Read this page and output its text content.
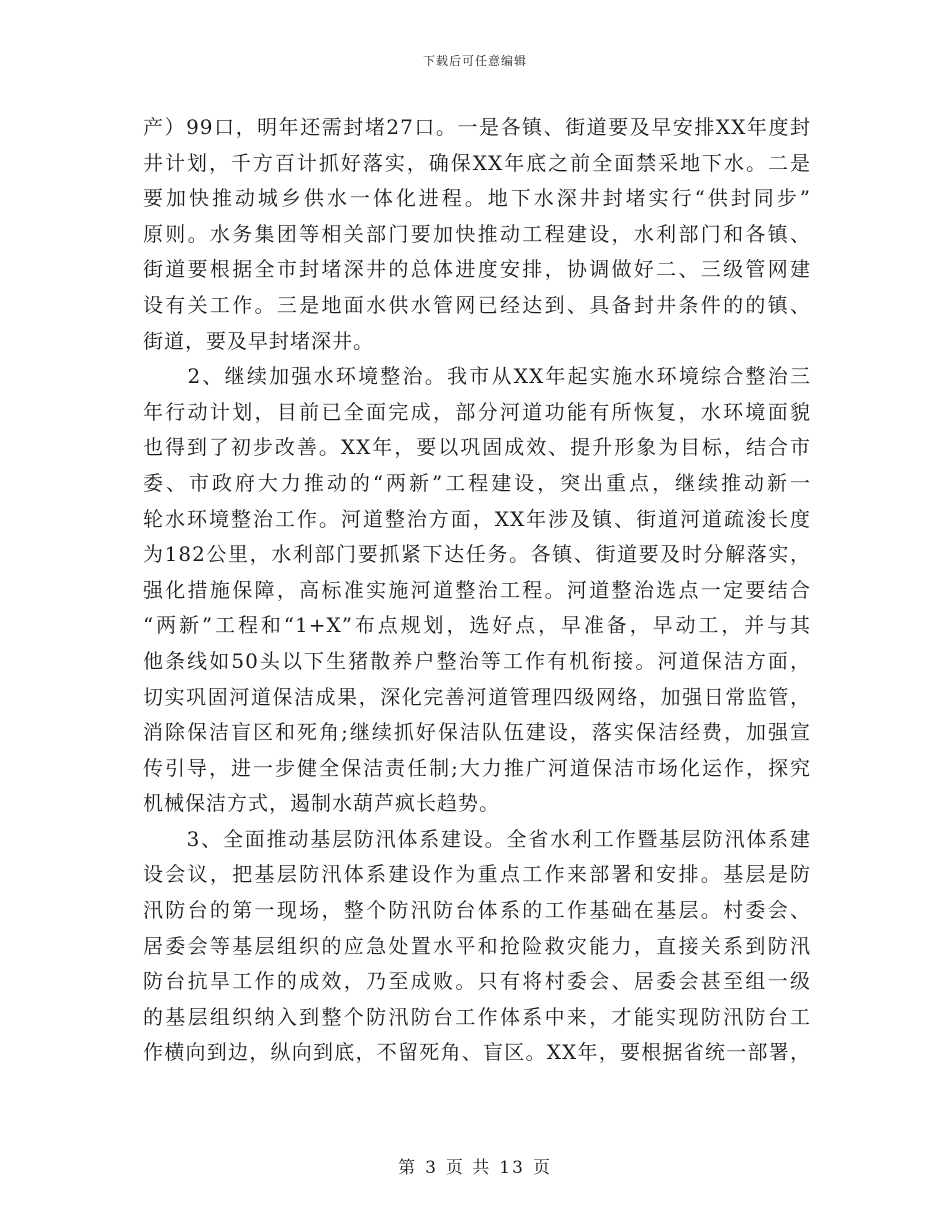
下载后可任意编辑
产）99口，明年还需封堵27口。一是各镇、街道要及早安排XX年度封
井计划，千方百计抓好落实，确保XX年底之前全面禁采地下水。二是
要加快推动城乡供水一体化进程。地下水深井封堵实行“供封同步”
原则。水务集团等相关部门要加快推动工程建设，水利部门和各镇、
街道要根据全市封堵深井的总体进度安排，协调做好二、三级管网建
设有关工作。三是地面水供水管网已经达到、具备封井条件的的镇、
街道，要及早封堵深井。
　　2、继续加强水环境整治。我市从XX年起实施水环境综合整治三
年行动计划，目前已全面完成，部分河道功能有所恢复，水环境面貌
也得到了初步改善。XX年，要以巩固成效、提升形象为目标，结合市
委、市政府大力推动的“两新”工程建设，突出重点，继续推动新一
轮水环境整治工作。河道整治方面，XX年涉及镇、街道河道疏浚长度
为182公里，水利部门要抓紧下达任务。各镇、街道要及时分解落实，
强化措施保障，高标准实施河道整治工程。河道整治选点一定要结合
“两新”工程和“1+X”布点规划，选好点，早准备，早动工，并与其
他条线如50头以下生猪散养户整治等工作有机衔接。河道保洁方面，
切实巩固河道保洁成果，深化完善河道管理四级网络，加强日常监管，
消除保洁盲区和死角;继续抓好保洁队伍建设，落实保洁经费，加强宣
传引导，进一步健全保洁责任制;大力推广河道保洁市场化运作，探究
机械保洁方式，遏制水葫芦疯长趋势。
　　3、全面推动基层防汛体系建设。全省水利工作暨基层防汛体系建
设会议，把基层防汛体系建设作为重点工作来部署和安排。基层是防
汛防台的第一现场，整个防汛防台体系的工作基础在基层。村委会、
居委会等基层组织的应急处置水平和抢险救灾能力，直接关系到防汛
防台抗旱工作的成效，乃至成败。只有将村委会、居委会甚至组一级
的基层组织纳入到整个防汛防台工作体系中来，才能实现防汛防台工
作横向到边，纵向到底，不留死角、盲区。XX年，要根据省统一部署，
第 3 页 共 13 页
